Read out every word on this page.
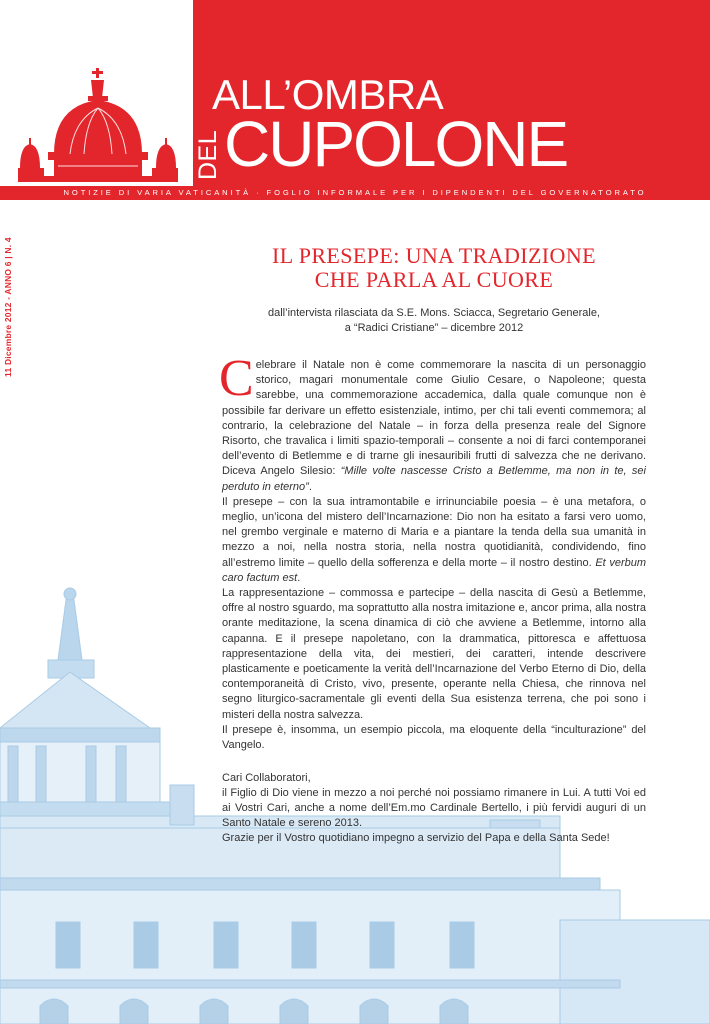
ALL’OMBRA
DEL CUPOLONE
NOTIZIE DI VARIA VATICANITÀ · FOGLIO INFORMALE PER I DIPENDENTI DEL GOVERNATORATO
11 Dicembre 2012 - ANNO 6 | N. 4	IL PRESEPE: UNA TRADIZIONE
CHE PARLA AL CUORE
dall’intervista rilasciata da S.E. Mons. Sciacca, Segretario Generale,
a “Radici Cristiane” – dicembre 2012

Celebrare il Natale non è come commemorare la nascita di un personaggio storico, magari monumentale come Giulio Cesare, o Napoleone; questa sarebbe, una commemorazione accademica, dalla quale comunque non è possibile far derivare un effetto esistenziale, intimo, per chi tali eventi commemora; al contrario, la celebrazione del Natale – in forza della presenza reale del Signore Risorto, che travalica i limiti spazio-temporali – consente a noi di farci contemporanei dell’evento di Betlemme e di trarne gli inesauribili frutti di salvezza che ne derivano. Diceva Angelo Silesio: “Mille volte nascesse Cristo a Betlemme, ma non in te, sei perduto in eterno”.

Il presepe – con la sua intramontabile e irrinunciabile poesia – è una metafora, o meglio, un’icona del mistero dell’Incarnazione: Dio non ha esitato a farsi vero uomo, nel grembo verginale e materno di Maria e a piantare la tenda della sua umanità in mezzo a noi, nella nostra storia, nella nostra quotidianità, condividendo, fino all’estremo limite – quello della sofferenza e della morte – il nostro destino. Et verbum caro factum est.

La rappresentazione – commossa e partecipe – della nascita di Gesù a Betlemme, offre al nostro sguardo, ma soprattutto alla nostra imitazione e, ancor prima, alla nostra orante meditazione, la scena dinamica di ciò che avviene a Betlemme, intorno alla capanna. E il presepe napoletano, con la drammatica, pittoresca e affettuosa rappresentazione della vita, dei mestieri, dei caratteri, intende descrivere plasticamente e poeticamente la verità dell’Incarnazione del Verbo Eterno di Dio, della contemporaneità di Cristo, vivo, presente, operante nella Chiesa, che rinnova nel segno liturgico-sacramentale gli eventi della Sua esistenza terrena, che poi sono i misteri della nostra salvezza.

Il presepe è, insomma, un esempio piccola, ma eloquente della “inculturazione” del Vangelo.

Cari Collaboratori,

il Figlio di Dio viene in mezzo a noi perché noi possiamo rimanere in Lui. A tutti Voi ed ai Vostri Cari, anche a nome dell’Em.mo Cardinale Bertello, i più fervidi auguri di un Santo Natale e sereno 2013.

Grazie per il Vostro quotidiano impegno a servizio del Papa e della Santa Sede!
